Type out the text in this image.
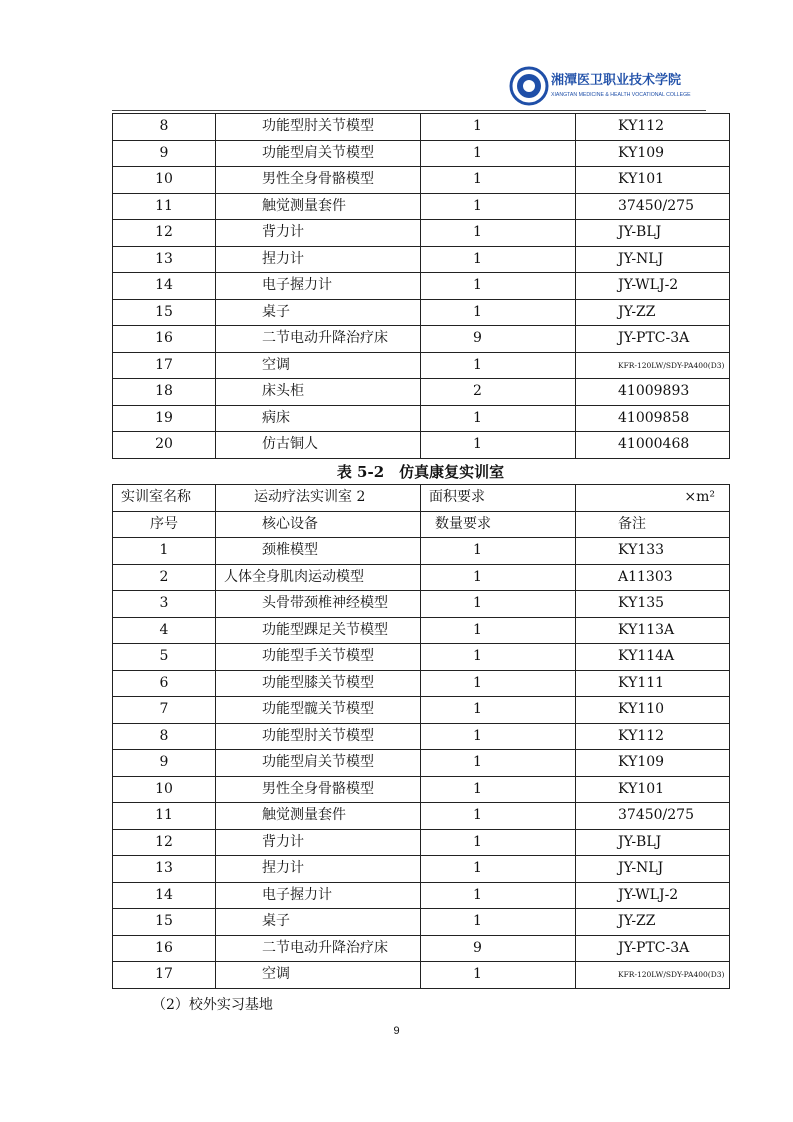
湘潭医卫职业技术学院
XIANGTAN MEDICINE & HEALTH VOCATIONAL COLLEGE
8	功能型肘关节模型	1	KY112
9	功能型肩关节模型	1	KY109
10	男性全身骨骼模型	1	KY101
11	触觉测量套件	1	37450/275
12	背力计	1	JY-BLJ
13	捏力计	1	JY-NLJ
14	电子握力计	1	JY-WLJ-2
15	桌子	1	JY-ZZ
16	二节电动升降治疗床	9	JY-PTC-3A
17	空调	1	KFR-120LW/SDY-PA400(D3)
18	床头柜	2	41009893
19	病床	1	41009858
20	仿古铜人	1	41000468
表 5-2　仿真康复实训室
实训室名称	运动疗法实训室 2	面积要求	×m²

序号	核心设备	数量要求	备注
1	颈椎模型	1	KY133
2	人体全身肌肉运动模型	1	A11303
3	头骨带颈椎神经模型	1	KY135
4	功能型踝足关节模型	1	KY113A
5	功能型手关节模型	1	KY114A
6	功能型膝关节模型	1	KY111
7	功能型髋关节模型	1	KY110
8	功能型肘关节模型	1	KY112
9	功能型肩关节模型	1	KY109
10	男性全身骨骼模型	1	KY101
11	触觉测量套件	1	37450/275
12	背力计	1	JY-BLJ
13	捏力计	1	JY-NLJ
14	电子握力计	1	JY-WLJ-2
15	桌子	1	JY-ZZ
16	二节电动升降治疗床	9	JY-PTC-3A
17	空调	1	KFR-120LW/SDY-PA400(D3)
（2）校外实习基地
9
